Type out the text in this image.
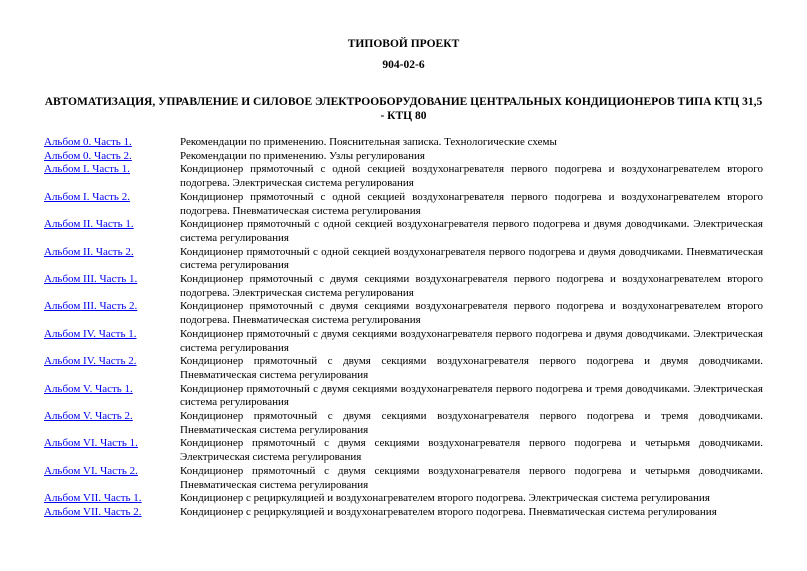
ТИПОВОЙ ПРОЕКТ
904-02-6
АВТОМАТИЗАЦИЯ, УПРАВЛЕНИЕ И СИЛОВОЕ ЭЛЕКТРООБОРУДОВАНИЕ ЦЕНТРАЛЬНЫХ КОНДИЦИОНЕРОВ ТИПА КТЦ 31,5 - КТЦ 80
Альбом 0. Часть 1.	Рекомендации по применению. Пояснительная записка. Технологические схемы
Альбом 0. Часть 2.	Рекомендации по применению. Узлы регулирования
Альбом I. Часть 1.	Кондиционер прямоточный с одной секцией воздухонагревателя первого подогрева и воздухонагревателем второго подогрева. Электрическая система регулирования
Альбом I. Часть 2.	Кондиционер прямоточный с одной секцией воздухонагревателя первого подогрева и воздухонагревателем второго подогрева. Пневматическая система регулирования
Альбом II. Часть 1.	Кондиционер прямоточный с одной секцией воздухонагревателя первого подогрева и двумя доводчиками. Электрическая система регулирования
Альбом II. Часть 2.	Кондиционер прямоточный с одной секцией воздухонагревателя первого подогрева и двумя доводчиками. Пневматическая система регулирования
Альбом III. Часть 1.	Кондиционер прямоточный с двумя секциями воздухонагревателя первого подогрева и воздухонагревателем второго подогрева. Электрическая система регулирования
Альбом III. Часть 2.	Кондиционер прямоточный с двумя секциями воздухонагревателя первого подогрева и воздухонагревателем второго подогрева. Пневматическая система регулирования
Альбом IV. Часть 1.	Кондиционер прямоточный с двумя секциями воздухонагревателя первого подогрева и двумя доводчиками. Электрическая система регулирования
Альбом IV. Часть 2.	Кондиционер прямоточный с двумя секциями воздухонагревателя первого подогрева и двумя доводчиками. Пневматическая система регулирования
Альбом V. Часть 1.	Кондиционер прямоточный с двумя секциями воздухонагревателя первого подогрева и тремя доводчиками. Электрическая система регулирования
Альбом V. Часть 2.	Кондиционер прямоточный с двумя секциями воздухонагревателя первого подогрева и тремя доводчиками. Пневматическая система регулирования
Альбом VI. Часть 1.	Кондиционер прямоточный с двумя секциями воздухонагревателя первого подогрева и четырьмя доводчиками. Электрическая система регулирования
Альбом VI. Часть 2.	Кондиционер прямоточный с двумя секциями воздухонагревателя первого подогрева и четырьмя доводчиками. Пневматическая система регулирования
Альбом VII. Часть 1.	Кондиционер с рециркуляцией и воздухонагревателем второго подогрева. Электрическая система регулирования
Альбом VII. Часть 2.	Кондиционер с рециркуляцией и воздухонагревателем второго подогрева. Пневматическая система регулирования
